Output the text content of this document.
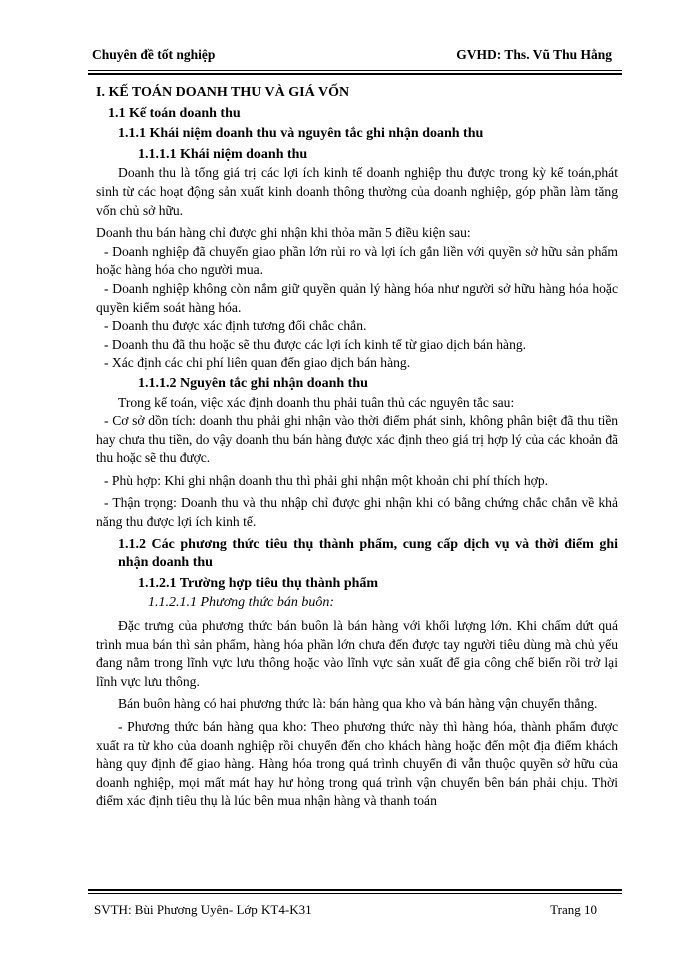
Chuyên đề tốt nghiệp	GVHD: Ths. Vũ Thu Hằng

I. KẾ TOÁN DOANH THU VÀ GIÁ VỐN

1.1 Kế toán doanh thu

1.1.1 Khái niệm doanh thu và nguyên tắc ghi nhận doanh thu

1.1.1.1 Khái niệm doanh thu

Doanh thu là tổng giá trị các lợi ích kinh tế doanh nghiệp thu được trong kỳ kế toán,phát sinh từ các hoạt động sản xuất kinh doanh thông thường của doanh nghiệp, góp phần làm tăng vốn chủ sở hữu.

Doanh thu bán hàng chỉ được ghi nhận khi thỏa mãn 5 điều kiện sau:

- Doanh nghiệp đã chuyển giao phần lớn rủi ro và lợi ích gắn liền với quyền sở hữu sản phẩm hoặc hàng hóa cho người mua.

- Doanh nghiệp không còn nắm giữ quyền quản lý hàng hóa như người sở hữu hàng hóa hoặc quyền kiểm soát hàng hóa.

- Doanh thu được xác định tương đối chắc chắn.

- Doanh thu đã thu hoặc sẽ thu được các lợi ích kinh tế từ giao dịch bán hàng.

- Xác định các chi phí liên quan đến giao dịch bán hàng.

1.1.1.2 Nguyên tắc ghi nhận doanh thu

Trong kế toán, việc xác định doanh thu phải tuân thủ các nguyên tắc sau:

- Cơ sở dồn tích: doanh thu phải ghi nhận vào thời điểm phát sinh, không phân biệt đã thu tiền hay chưa thu tiền, do vậy doanh thu bán hàng được xác định theo giá trị hợp lý của các khoản đã thu hoặc sẽ thu được.

- Phù hợp: Khi ghi nhận doanh thu thì phải ghi nhận một khoản chi phí thích hợp.

- Thận trọng: Doanh thu và thu nhập chỉ được ghi nhận khi có bằng chứng chắc chắn về khả năng thu được lợi ích kinh tế.

1.1.2 Các phương thức tiêu thụ thành phẩm, cung cấp dịch vụ và thời điểm ghi nhận doanh thu

1.1.2.1 Trường hợp tiêu thụ thành phẩm

1.1.2.1.1 Phương thức bán buôn:

Đặc trưng của phương thức bán buôn là bán hàng với khối lượng lớn. Khi chấm dứt quá trình mua bán thì sản phẩm, hàng hóa phần lớn chưa đến được tay người tiêu dùng mà chủ yếu đang nằm trong lĩnh vực lưu thông hoặc vào lĩnh vực sản xuất để gia công chế biến rồi trở lại lĩnh vực lưu thông.

Bán buôn hàng có hai phương thức là: bán hàng qua kho và bán hàng vận chuyển thẳng.

- Phương thức bán hàng qua kho: Theo phương thức này thì hàng hóa, thành phẩm được xuất ra từ kho của doanh nghiệp rồi chuyển đến cho khách hàng hoặc đến một địa điểm khách hàng quy định để giao hàng. Hàng hóa trong quá trình chuyển đi vẫn thuộc quyền sở hữu của doanh nghiệp, mọi mất mát hay hư hỏng trong quá trình vận chuyển bên bán phải chịu. Thời điểm xác định tiêu thụ là lúc bên mua nhận hàng và thanh toán

SVTH: Bùi Phương Uyên- Lớp KT4-K31	Trang 10
